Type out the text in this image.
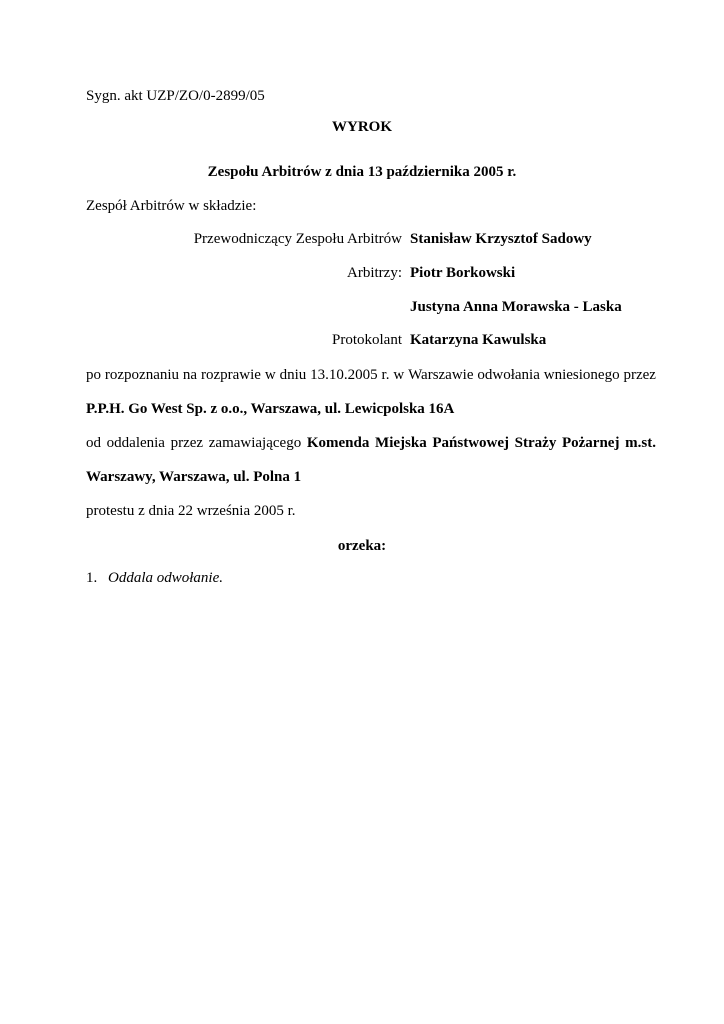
Sygn. akt UZP/ZO/0-2899/05
WYROK
Zespołu Arbitrów z dnia 13 października 2005 r.
Zespół Arbitrów w składzie:
Przewodniczący Zespołu Arbitrów Stanisław Krzysztof Sadowy
Arbitrzy: Piotr Borkowski
Justyna Anna Morawska - Laska
Protokolant Katarzyna Kawulska
po rozpoznaniu na rozprawie w dniu 13.10.2005 r. w Warszawie odwołania wniesionego przez
P.P.H. Go West Sp. z o.o., Warszawa, ul. Lewicpolska 16A
od oddalenia przez zamawiającego Komenda Miejska Państwowej Straży Pożarnej m.st.
Warszawy, Warszawa, ul. Polna 1
protestu z dnia 22 września 2005 r.
orzeka:
1. Oddala odwołanie.
